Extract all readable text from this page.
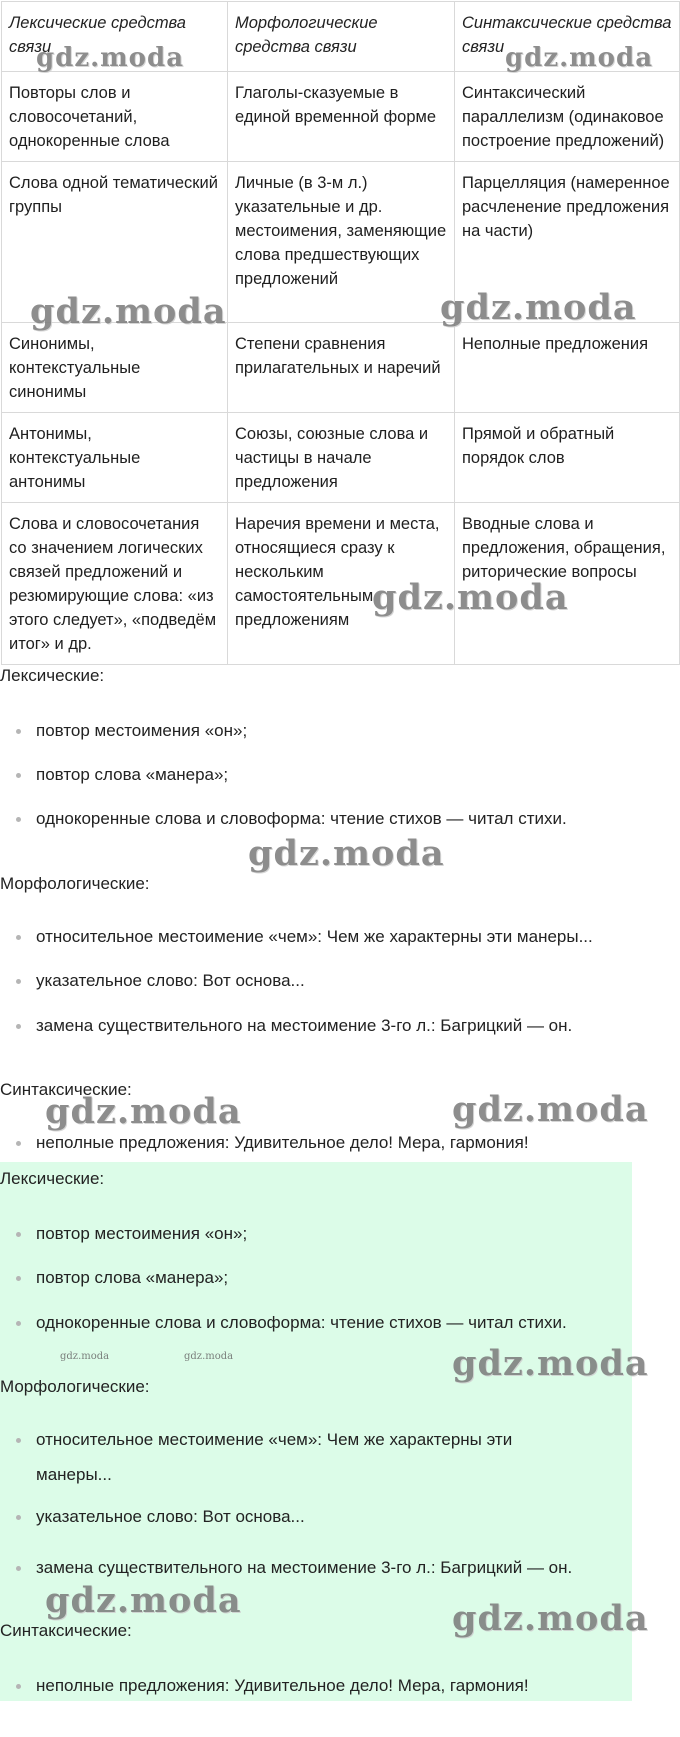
Лексические средства связи	Морфологические средства связи	Синтаксические средства связи
Повторы слов и словосочетаний, однокоренные слова	Глаголы-сказуемые в единой временной форме	Синтаксический параллелизм (одинаковое построение предложений)
Слова одной тематический группы	Личные (в 3-м л.) указательные и др. местоимения, заменяющие слова предшествующих предложений	Парцелляция (намеренное расчленение предложения на части)
Синонимы, контекстуальные синонимы	Степени сравнения прилагательных и наречий	Неполные предложения
Антонимы, контекстуальные антонимы	Союзы, союзные слова и частицы в начале предложения	Прямой и обратный порядок слов
Слова и словосочетания со значением логических связей предложений и резюмирующие слова: «из этого следует», «подведём итог» и др.	Наречия времени и места, относящиеся сразу к нескольким самостоятельным предложениям	Вводные слова и предложения, обращения, риторические вопросы
Лексические:
повтор местоимения «он»;
повтор слова «манера»;
однокоренные слова и словоформа: чтение стихов — читал стихи.
Морфологические:
относительное местоимение «чем»: Чем же характерны эти манеры...
указательное слово: Вот основа...
замена существительного на местоимение 3-го л.: Багрицкий — он.
Синтаксические:
неполные предложения: Удивительное дело! Мера, гармония!
Лексические:
повтор местоимения «он»;
повтор слова «манера»;
однокоренные слова и словоформа: чтение стихов — читал стихи.
Морфологические:
относительное местоимение «чем»: Чем же характерны эти
манеры...
указательное слово: Вот основа...
замена существительного на местоимение 3-го л.: Багрицкий — он.
Синтаксические:
неполные предложения: Удивительное дело! Мера, гармония!
gdz.moda	gdz.moda
gdz.moda	gdz.moda
gdz.moda
gdz.moda
gdz.moda	gdz.moda
gdz.moda	gdz.moda	gdz.moda
gdz.moda	gdz.moda
